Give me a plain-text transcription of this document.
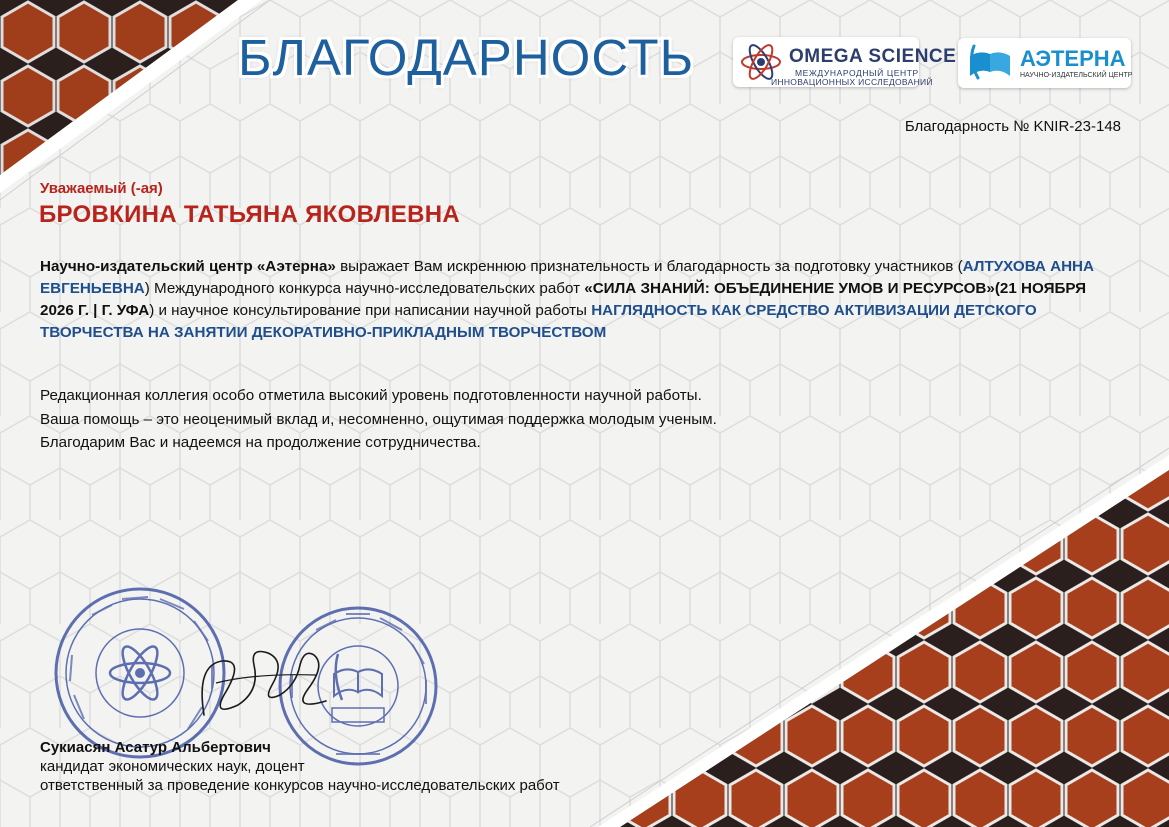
БЛАГОДАРНОСТЬ	OMEGA SCIENCE
МЕЖДУНАРОДНЫЙ ЦЕНТР
ИННОВАЦИОННЫХ ИССЛЕДОВАНИЙ
АЭТЕРНА
НАУЧНО-ИЗДАТЕЛЬСКИЙ ЦЕНТР
Благодарность № KNIR-23-148
Уважаемый (-ая)
БРОВКИНА ТАТЬЯНА ЯКОВЛЕВНА

Научно-издательский центр «Аэтерна» выражает Вам искреннюю признательность и благодарность за подготовку участников (АЛТУХОВА АННА ЕВГЕНЬЕВНА) Международного конкурса научно-исследовательских работ «СИЛА ЗНАНИЙ: ОБЪЕДИНЕНИЕ УМОВ И РЕСУРСОВ»(21 НОЯБРЯ 2026 Г. | Г. УФА) и научное консультирование при написании научной работы НАГЛЯДНОСТЬ КАК СРЕДСТВО АКТИВИЗАЦИИ ДЕТСКОГО ТВОРЧЕСТВА НА ЗАНЯТИИ ДЕКОРАТИВНО-ПРИКЛАДНЫМ ТВОРЧЕСТВОМ

Редакционная коллегия особо отметила высокий уровень подготовленности научной работы.
Ваша помощь – это неоценимый вклад и, несомненно, ощутимая поддержка молодым ученым.
Благодарим Вас и надеемся на продолжение сотрудничества.
Сукиасян Асатур Альбертович
кандидат экономических наук, доцент
ответственный за проведение конкурсов научно-исследовательских работ
